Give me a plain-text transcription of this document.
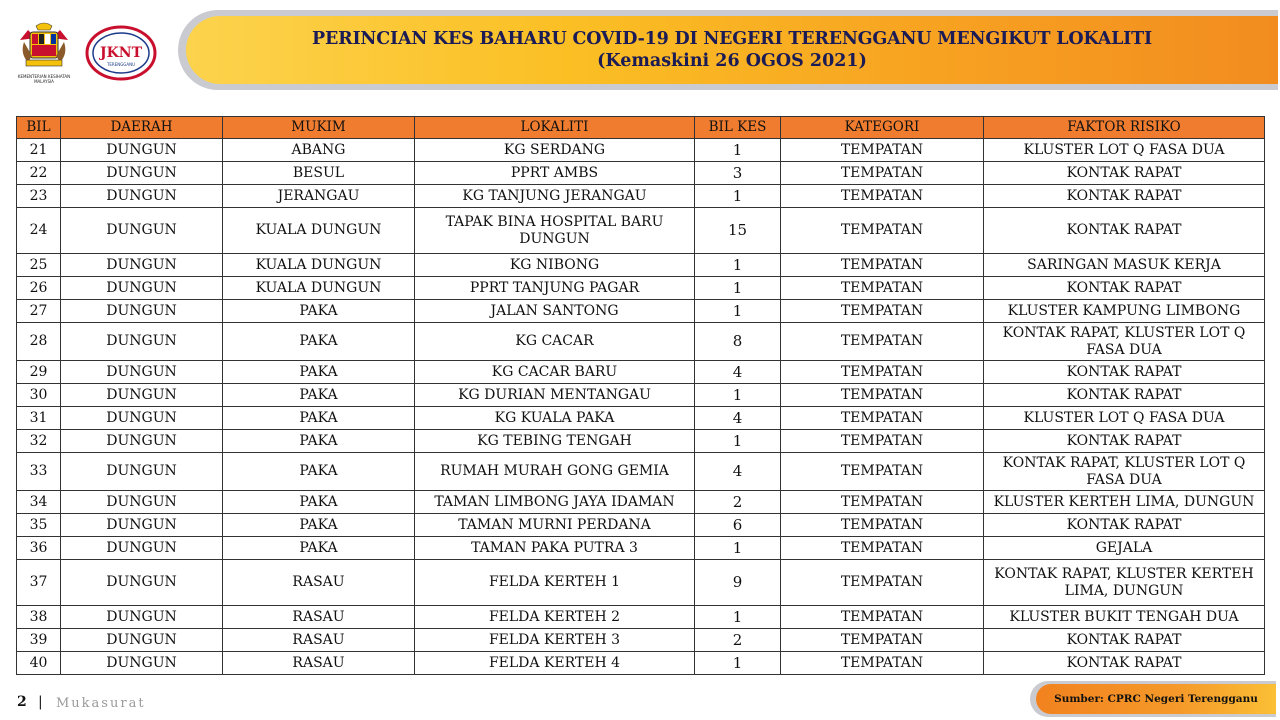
KEMENTERIAN KESIHATAN MALAYSIA
JKNT
TERENGGANU
PERINCIAN KES BAHARU COVID-19 DI NEGERI TERENGGANU MENGIKUT LOKALITI
(Kemaskini 26 OGOS 2021)
BIL	DAERAH	MUKIM	LOKALITI	BIL KES	KATEGORI	FAKTOR RISIKO
21	DUNGUN	ABANG	KG SERDANG	1	TEMPATAN	KLUSTER LOT Q FASA DUA
22	DUNGUN	BESUL	PPRT AMBS	3	TEMPATAN	KONTAK RAPAT
23	DUNGUN	JERANGAU	KG TANJUNG JERANGAU	1	TEMPATAN	KONTAK RAPAT
24	DUNGUN	KUALA DUNGUN	TAPAK BINA HOSPITAL BARU DUNGUN	15	TEMPATAN	KONTAK RAPAT
25	DUNGUN	KUALA DUNGUN	KG NIBONG	1	TEMPATAN	SARINGAN MASUK KERJA
26	DUNGUN	KUALA DUNGUN	PPRT TANJUNG PAGAR	1	TEMPATAN	KONTAK RAPAT
27	DUNGUN	PAKA	JALAN SANTONG	1	TEMPATAN	KLUSTER KAMPUNG LIMBONG
28	DUNGUN	PAKA	KG CACAR	8	TEMPATAN	KONTAK RAPAT, KLUSTER LOT Q FASA DUA
29	DUNGUN	PAKA	KG CACAR BARU	4	TEMPATAN	KONTAK RAPAT
30	DUNGUN	PAKA	KG DURIAN MENTANGAU	1	TEMPATAN	KONTAK RAPAT
31	DUNGUN	PAKA	KG KUALA PAKA	4	TEMPATAN	KLUSTER LOT Q FASA DUA
32	DUNGUN	PAKA	KG TEBING TENGAH	1	TEMPATAN	KONTAK RAPAT
33	DUNGUN	PAKA	RUMAH MURAH GONG GEMIA	4	TEMPATAN	KONTAK RAPAT, KLUSTER LOT Q FASA DUA
34	DUNGUN	PAKA	TAMAN LIMBONG JAYA IDAMAN	2	TEMPATAN	KLUSTER KERTEH LIMA, DUNGUN
35	DUNGUN	PAKA	TAMAN MURNI PERDANA	6	TEMPATAN	KONTAK RAPAT
36	DUNGUN	PAKA	TAMAN PAKA PUTRA 3	1	TEMPATAN	GEJALA
37	DUNGUN	RASAU	FELDA KERTEH 1	9	TEMPATAN	KONTAK RAPAT, KLUSTER KERTEH LIMA, DUNGUN
38	DUNGUN	RASAU	FELDA KERTEH 2	1	TEMPATAN	KLUSTER BUKIT TENGAH DUA
39	DUNGUN	RASAU	FELDA KERTEH 3	2	TEMPATAN	KONTAK RAPAT
40	DUNGUN	RASAU	FELDA KERTEH 4	1	TEMPATAN	KONTAK RAPAT
2 | Mukasurat	Sumber: CPRC Negeri Terengganu
